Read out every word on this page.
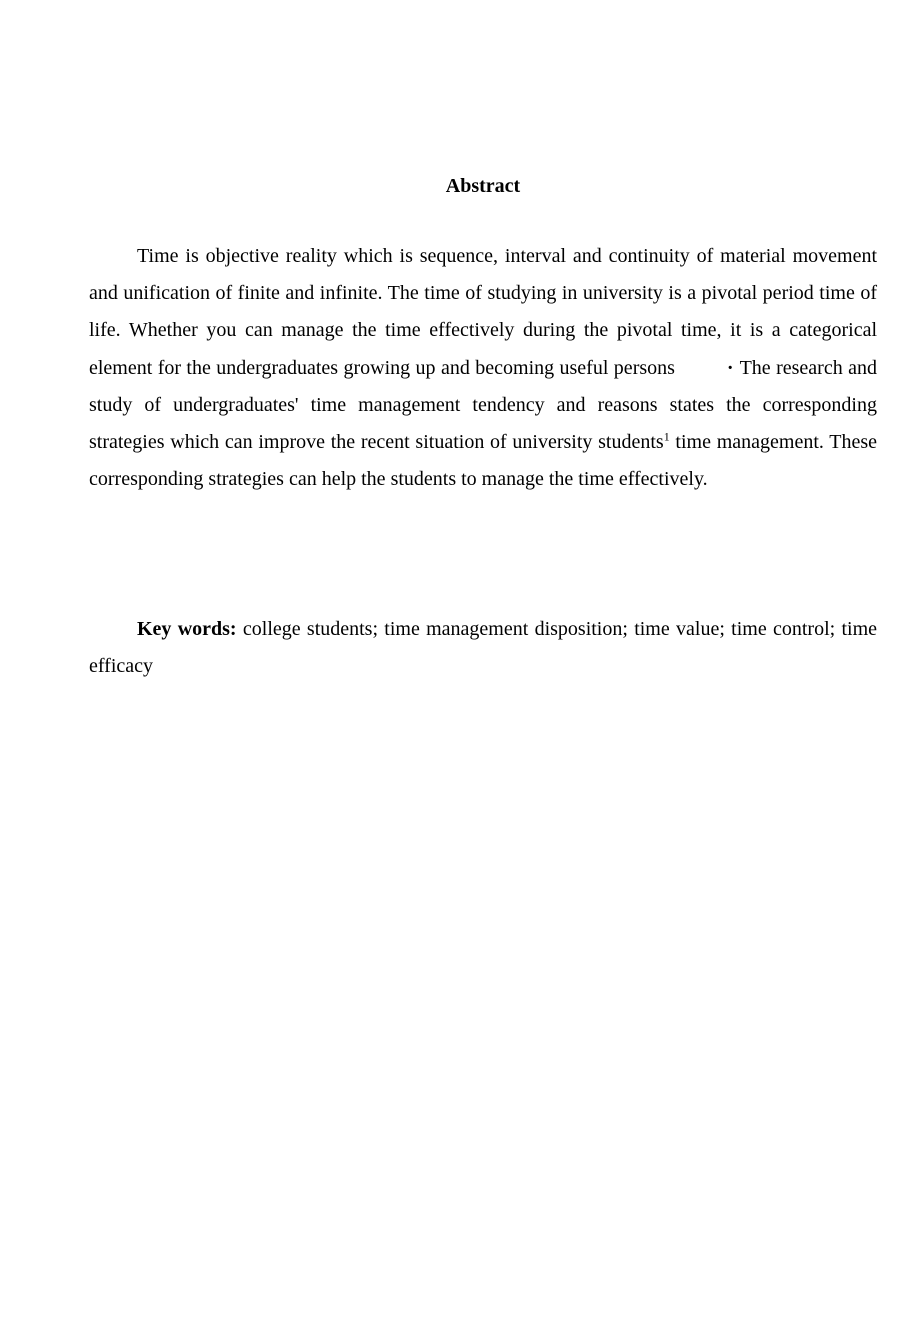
Abstract

Time is objective reality which is sequence, interval and continuity of material movement and unification of finite and infinite. The time of studying in university is a pivotal period time of life. Whether you can manage the time effectively during the pivotal time, it is a categorical element for the undergraduates growing up and becoming useful persons	· The research and study of undergraduates' time management tendency and reasons states the corresponding strategies which can improve the recent situation of university students$^1$ time management. These corresponding strategies can help the students to manage the time effectively.

Key words: college students; time management disposition; time value; time control; time efficacy
